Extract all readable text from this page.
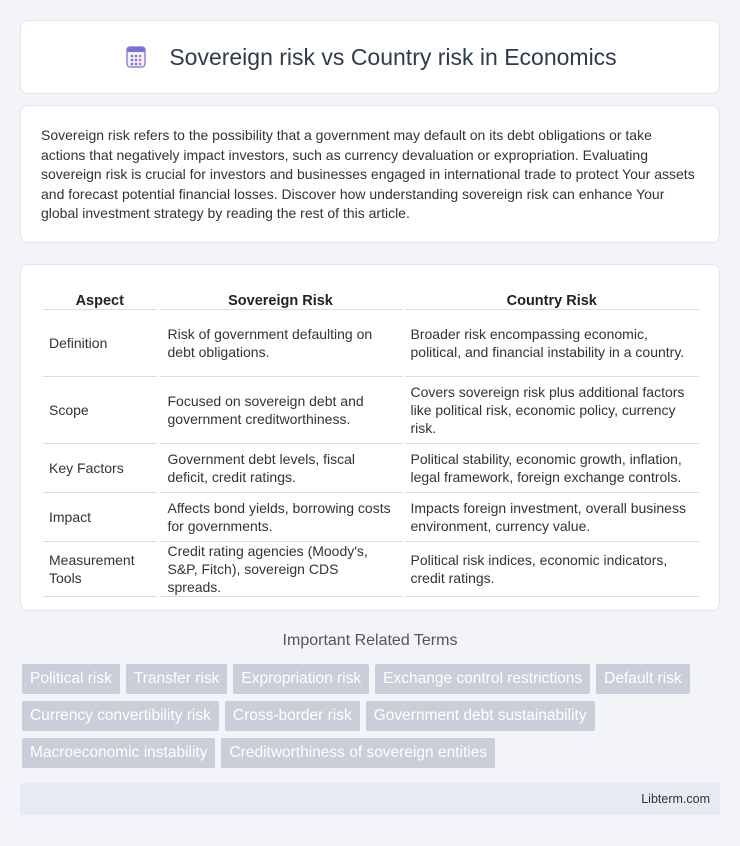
Sovereign risk vs Country risk in Economics

Sovereign risk refers to the possibility that a government may default on its debt obligations or take actions that negatively impact investors, such as currency devaluation or expropriation. Evaluating sovereign risk is crucial for investors and businesses engaged in international trade to protect Your assets and forecast potential financial losses. Discover how understanding sovereign risk can enhance Your global investment strategy by reading the rest of this article.

Aspect	Sovereign Risk	Country Risk
Definition	Risk of government defaulting on debt obligations.	Broader risk encompassing economic, political, and financial instability in a country.
Scope	Focused on sovereign debt and government creditworthiness.	Covers sovereign risk plus additional factors like political risk, economic policy, currency risk.
Key Factors	Government debt levels, fiscal deficit, credit ratings.	Political stability, economic growth, inflation, legal framework, foreign exchange controls.
Impact	Affects bond yields, borrowing costs for governments.	Impacts foreign investment, overall business environment, currency value.
Measurement Tools	Credit rating agencies (Moody's, S&P, Fitch), sovereign CDS spreads.	Political risk indices, economic indicators, credit ratings.
Important Related Terms
Political risk	Transfer risk	Expropriation risk	Exchange control restrictions	Default risk
Currency convertibility risk	Cross-border risk	Government debt sustainability
Macroeconomic instability	Creditworthiness of sovereign entities
Libterm.com
